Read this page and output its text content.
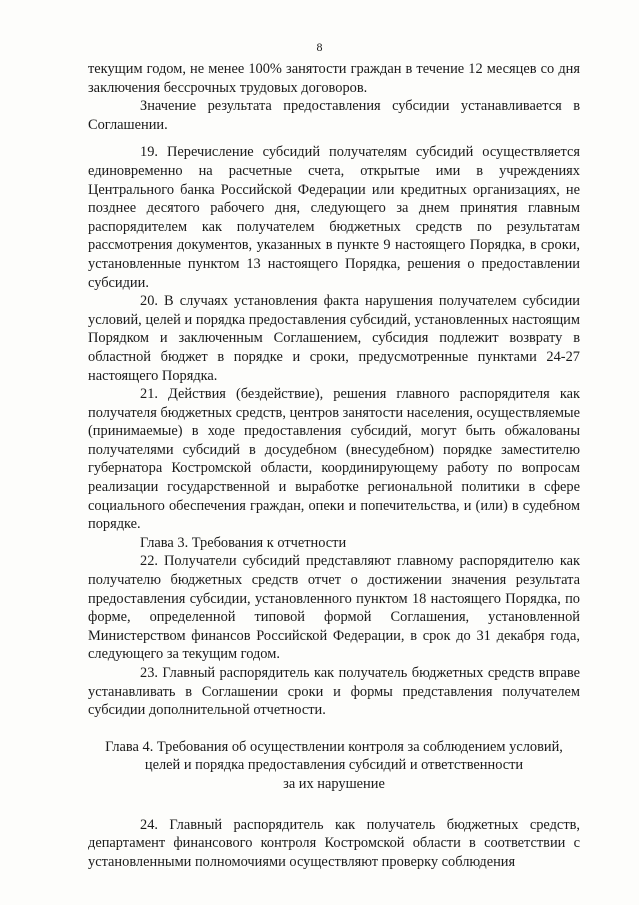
8

текущим годом, не менее 100% занятости граждан в течение 12 месяцев со дня заключения бессрочных трудовых договоров.

Значение результата предоставления субсидии устанавливается в Соглашении.

19. Перечисление субсидий получателям субсидий осуществляется единовременно на расчетные счета, открытые ими в учреждениях Центрального банка Российской Федерации или кредитных организациях, не позднее десятого рабочего дня, следующего за днем принятия главным распорядителем как получателем бюджетных средств по результатам рассмотрения документов, указанных в пункте 9 настоящего Порядка, в сроки, установленные пунктом 13 настоящего Порядка, решения о предоставлении субсидии.

20. В случаях установления факта нарушения получателем субсидии условий, целей и порядка предоставления субсидий, установленных настоящим Порядком и заключенным Соглашением, субсидия подлежит возврату в областной бюджет в порядке и сроки, предусмотренные пунктами 24-27 настоящего Порядка.

21. Действия (бездействие), решения главного распорядителя как получателя бюджетных средств, центров занятости населения, осуществляемые (принимаемые) в ходе предоставления субсидий, могут быть обжалованы получателями субсидий в досудебном (внесудебном) порядке заместителю губернатора Костромской области, координирующему работу по вопросам реализации государственной и выработке региональной политики в сфере социального обеспечения граждан, опеки и попечительства, и (или) в судебном порядке.

Глава 3. Требования к отчетности

22. Получатели субсидий представляют главному распорядителю как получателю бюджетных средств отчет о достижении значения результата предоставления субсидии, установленного пунктом 18 настоящего Порядка, по форме, определенной типовой формой Соглашения, установленной Министерством финансов Российской Федерации, в срок до 31 декабря года, следующего за текущим годом.

23. Главный распорядитель как получатель бюджетных средств вправе устанавливать в Соглашении сроки и формы представления получателем субсидии дополнительной отчетности.

Глава 4. Требования об осуществлении контроля за соблюдением условий,
целей и порядка предоставления субсидий и ответственности
за их нарушение

24. Главный распорядитель как получатель бюджетных средств, департамент финансового контроля Костромской области в соответствии с установленными полномочиями осуществляют проверку соблюдения
